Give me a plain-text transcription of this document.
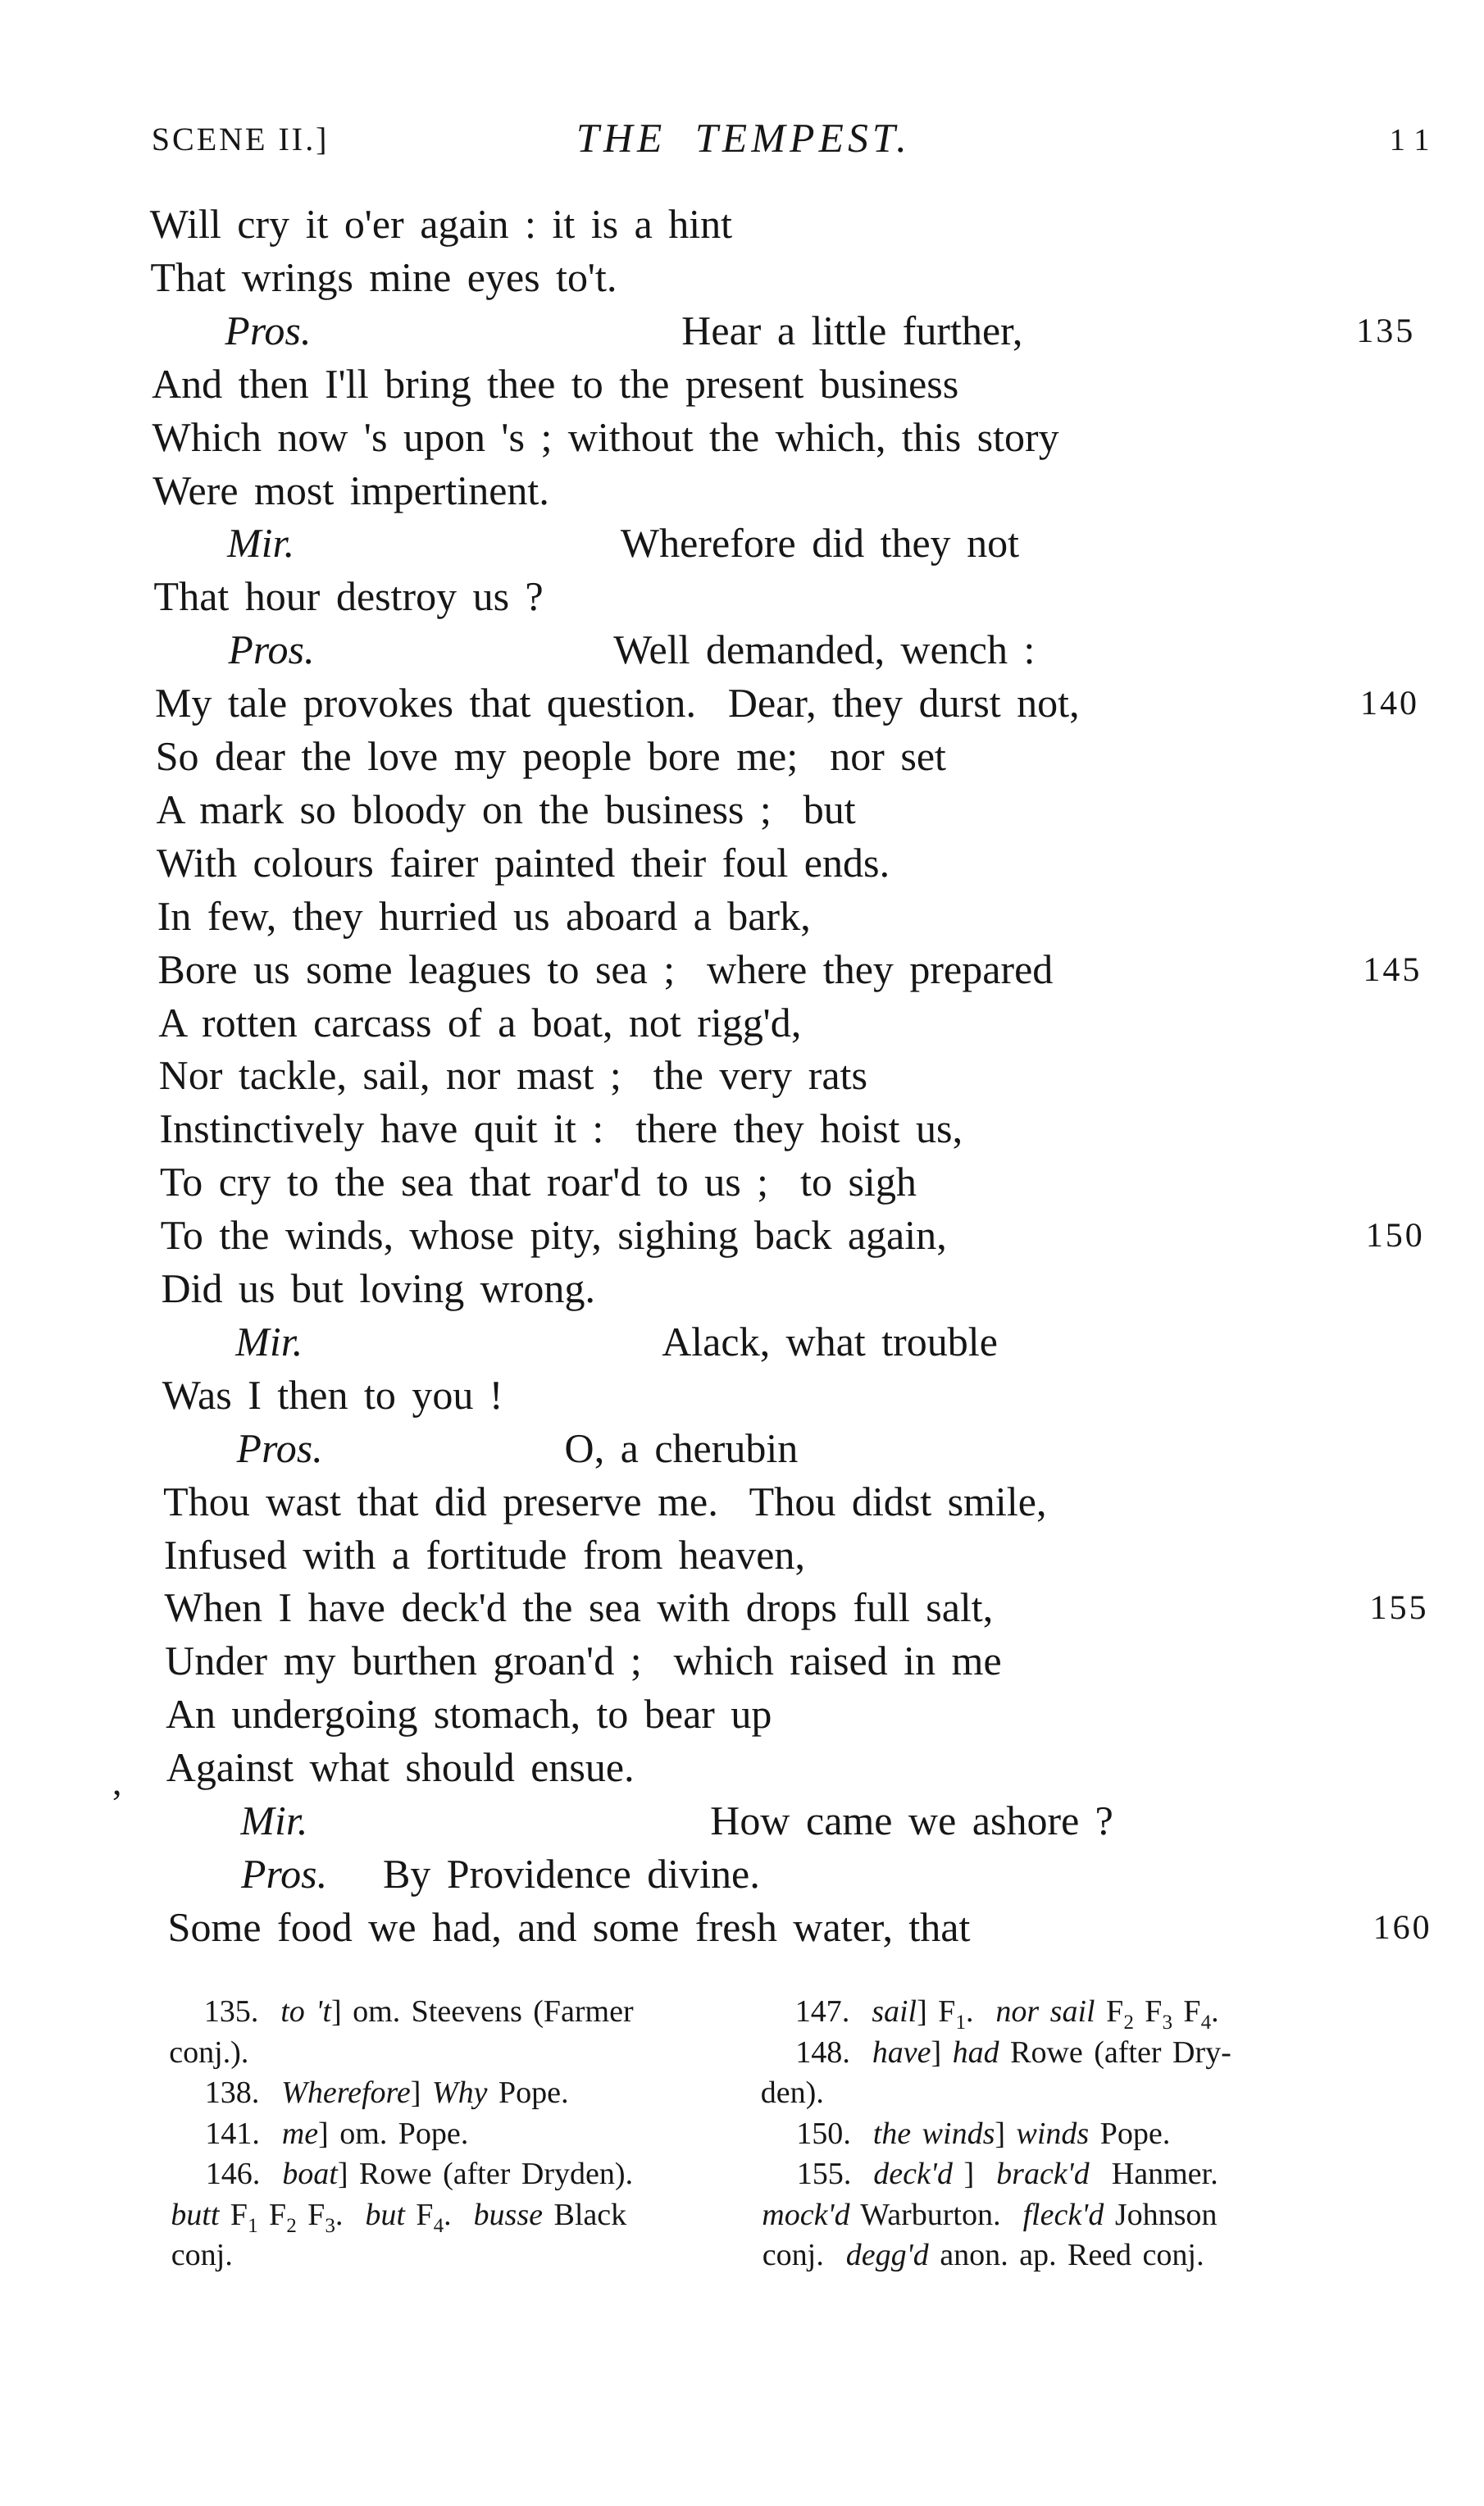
SCENE II.]	THE TEMPEST.	11
Will cry it o'er again : it is a hint
That wrings mine eyes to't.
Pros.	Hear a little further,	135
And then I'll bring thee to the present business
Which now 's upon 's ; without the which, this story
Were most impertinent.
Mir.	Wherefore did they not
That hour destroy us ?
Pros.	Well demanded, wench :
My tale provokes that question.  Dear, they durst not,	140
So dear the love my people bore me;  nor set
A mark so bloody on the business ;  but
With colours fairer painted their foul ends.
In few, they hurried us aboard a bark,
Bore us some leagues to sea ;  where they prepared	145
A rotten carcass of a boat, not rigg'd,
Nor tackle, sail, nor mast ;  the very rats
Instinctively have quit it :  there they hoist us,
To cry to the sea that roar'd to us ;  to sigh
To the winds, whose pity, sighing back again,	150
Did us but loving wrong.
Mir.	Alack, what trouble
Was I then to you !
Pros.	O, a cherubin
Thou wast that did preserve me.  Thou didst smile,
Infused with a fortitude from heaven,
When I have deck'd the sea with drops full salt,	155
Under my burthen groan'd ;  which raised in me
An undergoing stomach, to bear up
Against what should ensue.
Mir.	How came we ashore ?
Pros. By Providence divine.
Some food we had, and some fresh water, that	160
135.  to 't] om. Steevens (Farmer
conj.).
138.  Wherefore] Why Pope.
141.  me] om. Pope.
146.  boat] Rowe (after Dryden).
butt $F_1$ $F_2$ $F_3$.  but $F_4$.  busse Black
conj.
147.  sail] $F_1$.  nor sail $F_2$ $F_3$ $F_4$.
148.  have] had Rowe (after Dry-
den).
150.  the winds] winds Pope.
155.  deck'd ]  brack'd  Hanmer.
mock'd Warburton.  fleck'd Johnson
conj.  degg'd anon. ap. Reed conj.
,
